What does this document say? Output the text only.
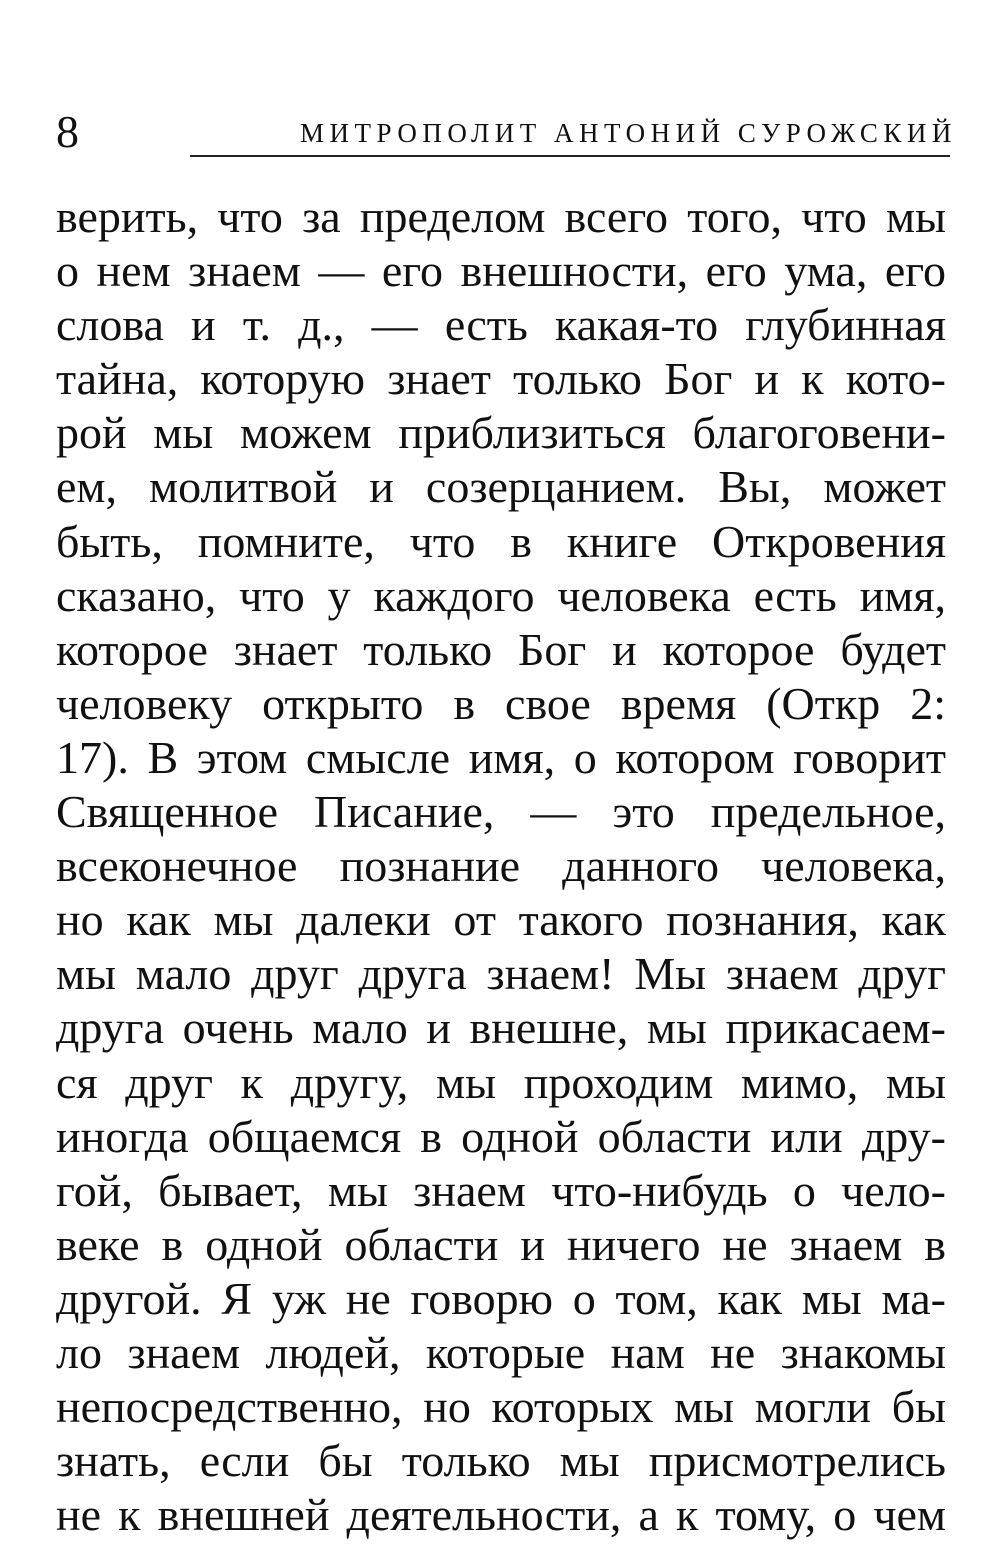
8	МИТРОПОЛИТ АНТОНИЙ СУРОЖСКИЙ
верить, что за пределом всего того, что мы
о нем знаем — его внешности, его ума, его
слова и т. д., — есть какая-то глубинная
тайна, которую знает только Бог и к кото-
рой мы можем приблизиться благоговени-
ем, молитвой и созерцанием. Вы, может
быть, помните, что в книге Откровения
сказано, что у каждого человека есть имя,
которое знает только Бог и которое будет
человеку открыто в свое время (Откр 2:
17). В этом смысле имя, о котором говорит
Священное Писание, — это предельное,
всеконечное познание данного человека,
но как мы далеки от такого познания, как
мы мало друг друга знаем! Мы знаем друг
друга очень мало и внешне, мы прикасаем-
ся друг к другу, мы проходим мимо, мы
иногда общаемся в одной области или дру-
гой, бывает, мы знаем что-нибудь о чело-
веке в одной области и ничего не знаем в
другой. Я уж не говорю о том, как мы ма-
ло знаем людей, которые нам не знакомы
непосредственно, но которых мы могли бы
знать, если бы только мы присмотрелись
не к внешней деятельности, а к тому, о чем
